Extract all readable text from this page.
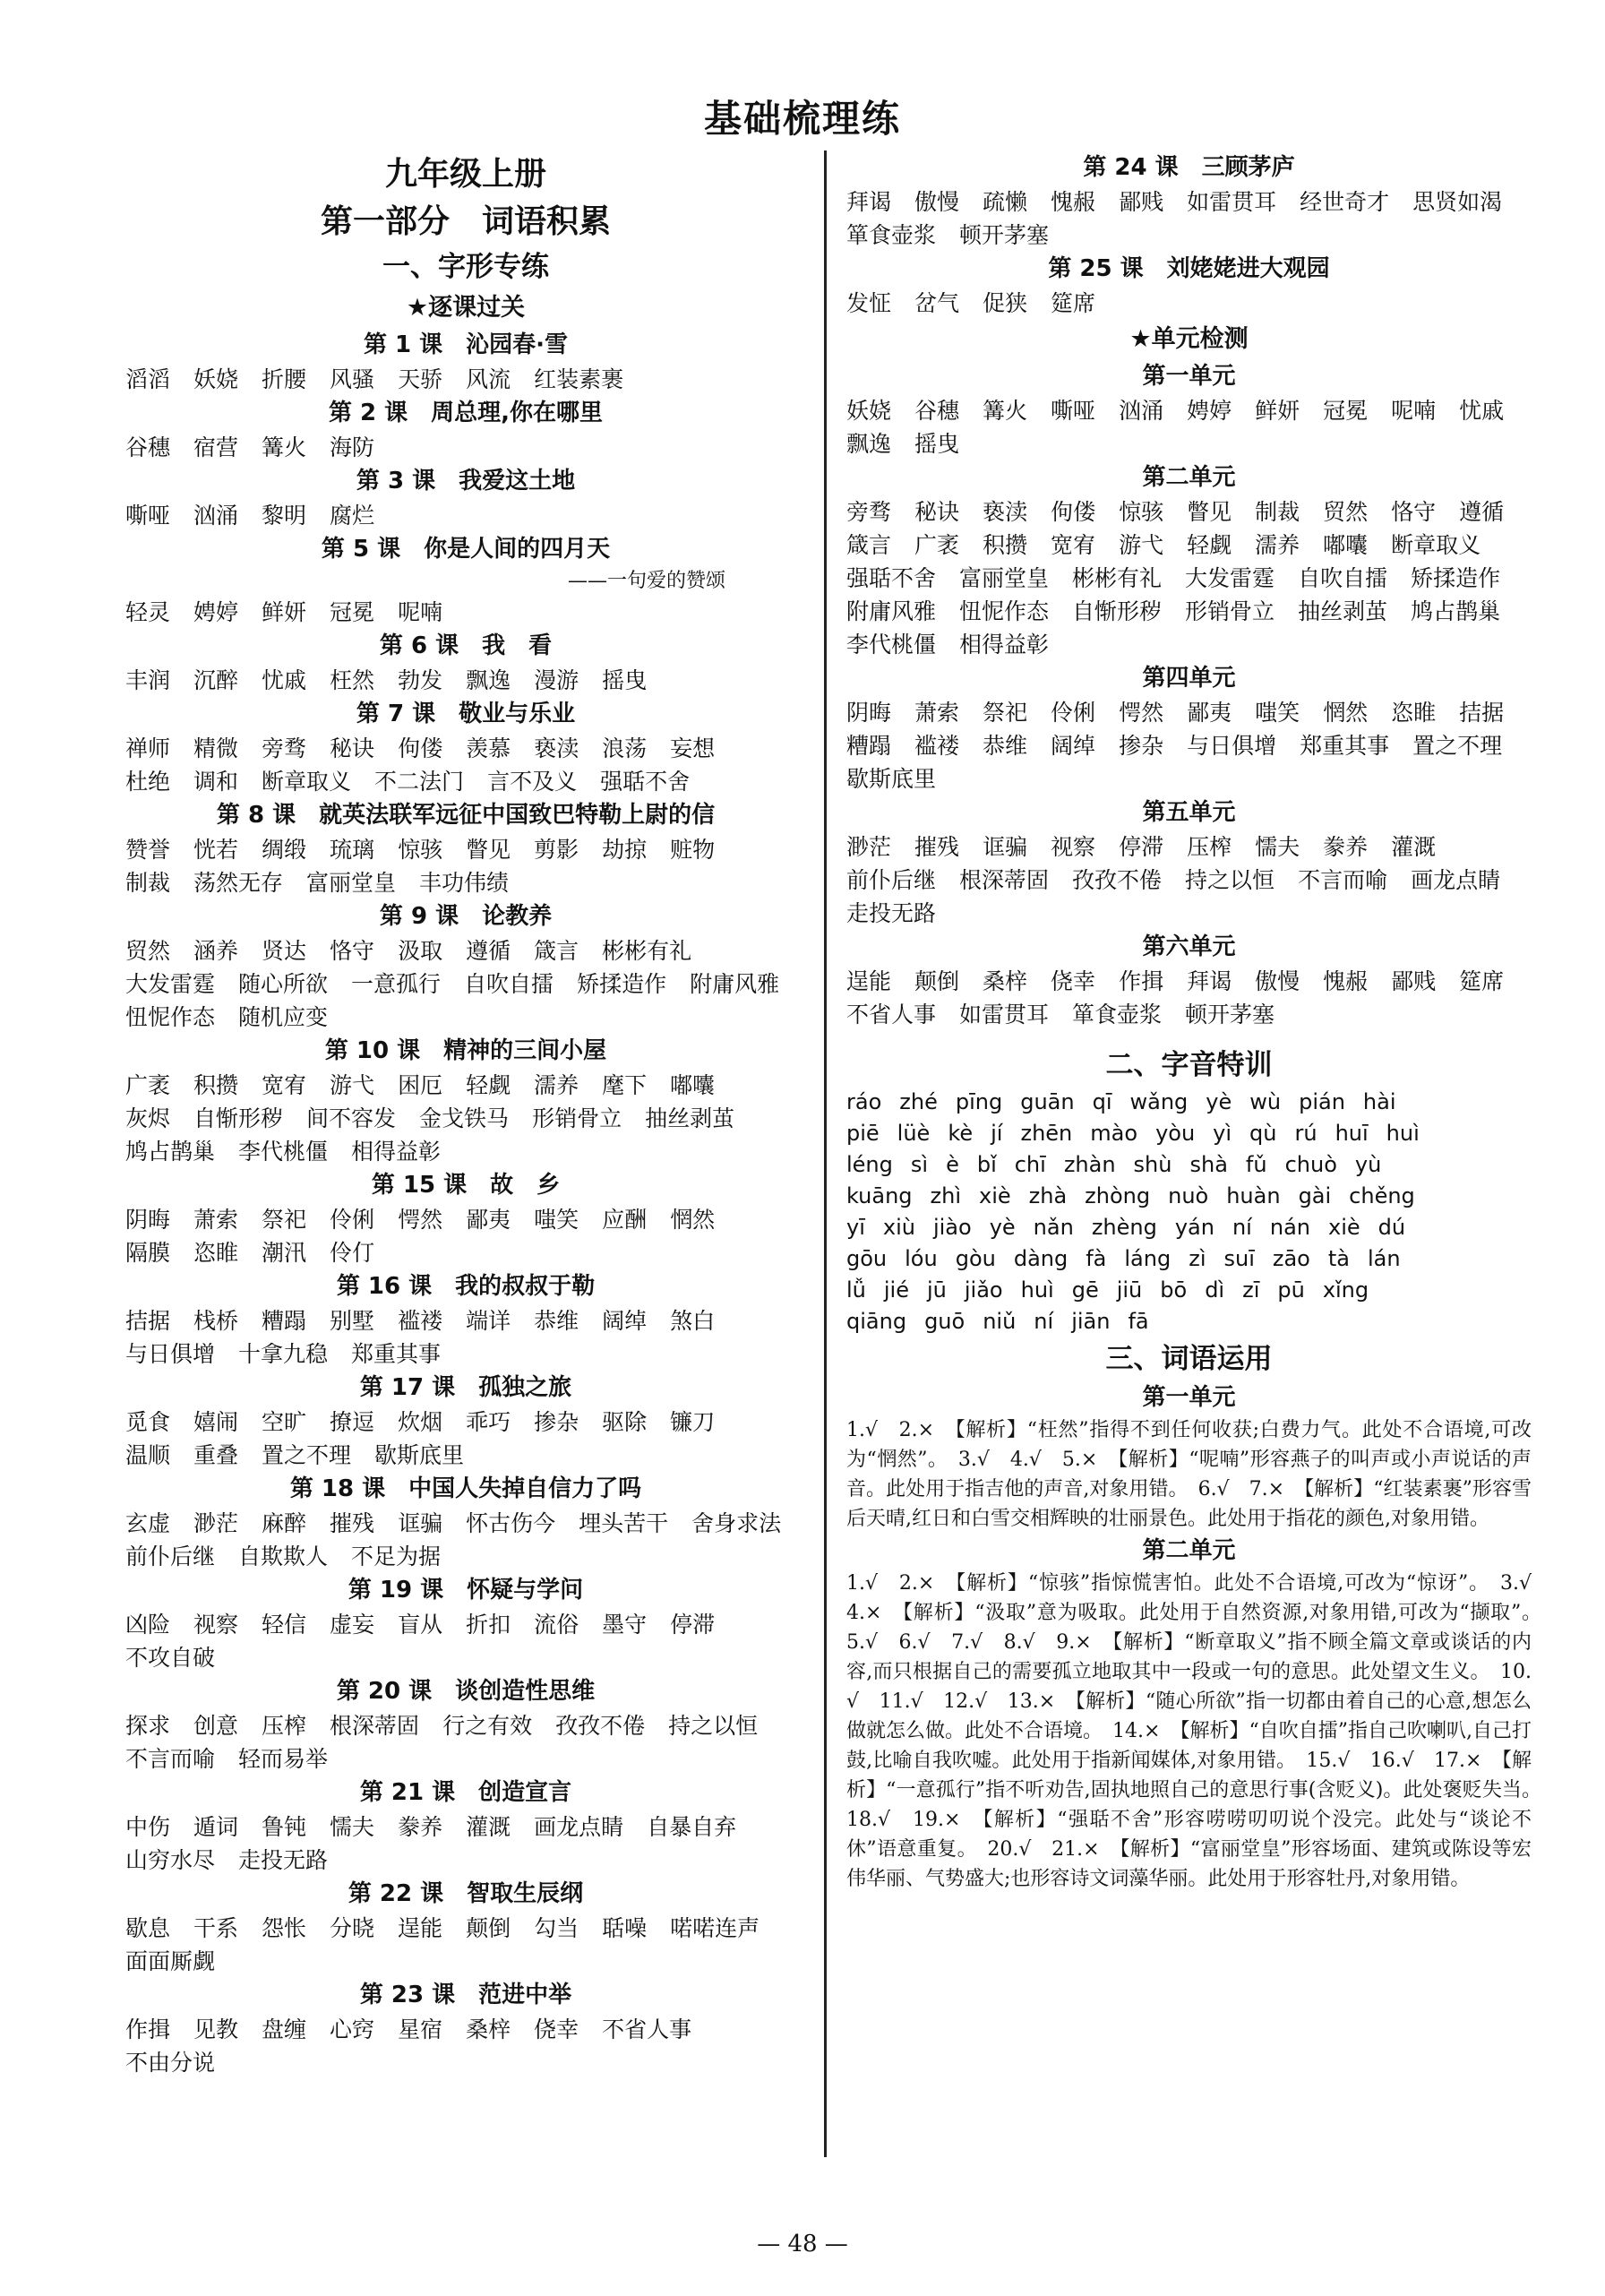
基础梳理练
九年级上册
第一部分　词语积累
一、字形专练
★逐课过关
第 1 课　沁园春·雪
滔滔 妖娆 折腰 风骚 天骄 风流 红装素裹
第 2 课　周总理,你在哪里
谷穗 宿营 篝火 海防
第 3 课　我爱这土地
嘶哑 汹涌 黎明 腐烂
第 5 课　你是人间的四月天
——一句爱的赞颂
轻灵 娉婷 鲜妍 冠冕 呢喃
第 6 课　我　看
丰润 沉醉 忧戚 枉然 勃发 飘逸 漫游 摇曳
第 7 课　敬业与乐业
禅师 精微 旁骛 秘诀 佝偻 羡慕 亵渎 浪荡 妄想杜绝 调和 断章取义 不二法门 言不及义 强聒不舍
第 8 课　就英法联军远征中国致巴特勒上尉的信
赞誉 恍若 绸缎 琉璃 惊骇 瞥见 剪影 劫掠 赃物制裁 荡然无存 富丽堂皇 丰功伟绩
第 9 课　论教养
贸然 涵养 贤达 恪守 汲取 遵循 箴言 彬彬有礼大发雷霆 随心所欲 一意孤行 自吹自擂 矫揉造作 附庸风雅忸怩作态 随机应变
第 10 课　精神的三间小屋
广袤 积攒 宽宥 游弋 困厄 轻觑 濡养 麾下 嘟囔灰烬 自惭形秽 间不容发 金戈铁马 形销骨立 抽丝剥茧鸠占鹊巢 李代桃僵 相得益彰
第 15 课　故　乡
阴晦 萧索 祭祀 伶俐 愕然 鄙夷 嗤笑 应酬 惘然隔膜 恣睢 潮汛 伶仃
第 16 课　我的叔叔于勒
拮据 栈桥 糟蹋 别墅 褴褛 端详 恭维 阔绰 煞白与日俱增 十拿九稳 郑重其事
第 17 课　孤独之旅
觅食 嬉闹 空旷 撩逗 炊烟 乖巧 掺杂 驱除 镰刀温顺 重叠 置之不理 歇斯底里
第 18 课　中国人失掉自信力了吗
玄虚 渺茫 麻醉 摧残 诓骗 怀古伤今 埋头苦干 舍身求法前仆后继 自欺欺人 不足为据
第 19 课　怀疑与学问
凶险 视察 轻信 虚妄 盲从 折扣 流俗 墨守 停滞不攻自破
第 20 课　谈创造性思维
探求 创意 压榨 根深蒂固 行之有效 孜孜不倦 持之以恒不言而喻 轻而易举
第 21 课　创造宣言
中伤 遁词 鲁钝 懦夫 豢养 灌溉 画龙点睛 自暴自弃山穷水尽 走投无路
第 22 课　智取生辰纲
歇息 干系 怨怅 分晓 逞能 颠倒 勾当 聒噪 喏喏连声面面厮觑
第 23 课　范进中举
作揖 见教 盘缠 心窍 星宿 桑梓 侥幸 不省人事不由分说
第 24 课　三顾茅庐
拜谒 傲慢 疏懒 愧赧 鄙贱 如雷贯耳 经世奇才 思贤如渴箪食壶浆 顿开茅塞
第 25 课　刘姥姥进大观园
发怔 岔气 促狭 筵席
★单元检测
第一单元
妖娆 谷穗 篝火 嘶哑 汹涌 娉婷 鲜妍 冠冕 呢喃 忧戚飘逸 摇曳
第二单元
旁骛 秘诀 亵渎 佝偻 惊骇 瞥见 制裁 贸然 恪守 遵循箴言 广袤 积攒 宽宥 游弋 轻觑 濡养 嘟囔 断章取义强聒不舍 富丽堂皇 彬彬有礼 大发雷霆 自吹自擂 矫揉造作附庸风雅 忸怩作态 自惭形秽 形销骨立 抽丝剥茧 鸠占鹊巢李代桃僵 相得益彰
第四单元
阴晦 萧索 祭祀 伶俐 愕然 鄙夷 嗤笑 惘然 恣睢 拮据糟蹋 褴褛 恭维 阔绰 掺杂 与日俱增 郑重其事 置之不理歇斯底里
第五单元
渺茫 摧残 诓骗 视察 停滞 压榨 懦夫 豢养 灌溉前仆后继 根深蒂固 孜孜不倦 持之以恒 不言而喻 画龙点睛走投无路
第六单元
逞能 颠倒 桑梓 侥幸 作揖 拜谒 傲慢 愧赧 鄙贱 筵席不省人事 如雷贯耳 箪食壶浆 顿开茅塞
二、字音特训
ráo zhé pīng guān qī wǎng yè wù pián hài
piē lüè kè jí zhēn mào yòu yì qù rú huī huì
léng sì è bǐ chī zhàn shù shà fǔ chuò yù
kuāng zhì xiè zhà zhòng nuò huàn gài chěng
yī xiù jiào yè nǎn zhèng yán ní nán xiè dú
gōu lóu gòu dàng fà láng zì suī zāo tà lán
lǚ jié jū jiǎo huì gē jiū bō dì zī pū xǐng
qiāng guō niǔ ní jiān fā
三、词语运用
第一单元
1.√　2.×　【解析】“枉然”指得不到任何收获;白费力气。此处不合语境,可改为“惘然”。　3.√　4.√　5.×　【解析】“呢喃”形容燕子的叫声或小声说话的声音。此处用于指吉他的声音,对象用错。　6.√　7.×　【解析】“红装素裹”形容雪后天晴,红日和白雪交相辉映的壮丽景色。此处用于指花的颜色,对象用错。
第二单元
1.√　2.×　【解析】“惊骇”指惊慌害怕。此处不合语境,可改为“惊讶”。　3.√　4.×　【解析】“汲取”意为吸取。此处用于自然资源,对象用错,可改为“撷取”。　5.√　6.√　7.√　8.√　9.×　【解析】“断章取义”指不顾全篇文章或谈话的内容,而只根据自己的需要孤立地取其中一段或一句的意思。此处望文生义。　10.√　11.√　12.√　13.×　【解析】“随心所欲”指一切都由着自己的心意,想怎么做就怎么做。此处不合语境。　14.×　【解析】“自吹自擂”指自己吹喇叭,自己打鼓,比喻自我吹嘘。此处用于指新闻媒体,对象用错。　15.√　16.√　17.×　【解析】“一意孤行”指不听劝告,固执地照自己的意思行事(含贬义)。此处褒贬失当。　18.√　19.×　【解析】“强聒不舍”形容唠唠叨叨说个没完。此处与“谈论不休”语意重复。　20.√　21.×　【解析】“富丽堂皇”形容场面、建筑或陈设等宏伟华丽、气势盛大;也形容诗文词藻华丽。此处用于形容牡丹,对象用错。
— 48 —
